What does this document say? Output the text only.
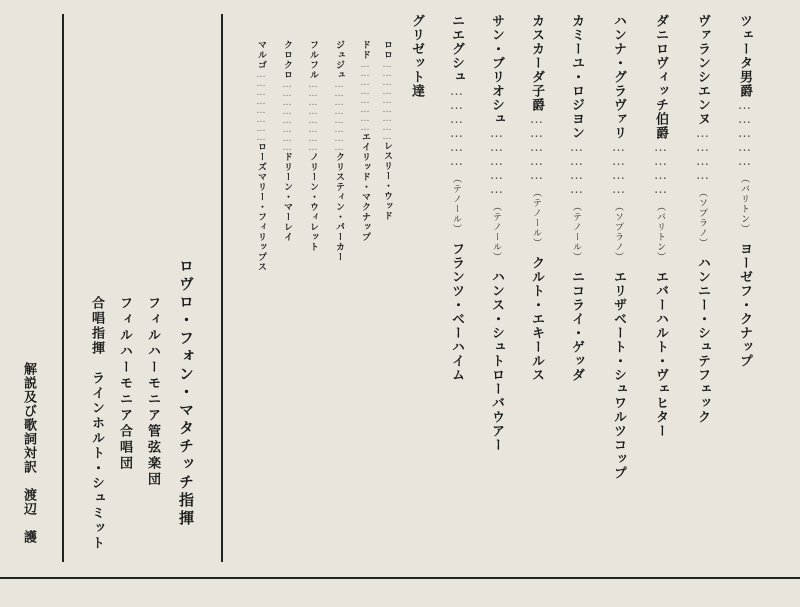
ツェータ男爵……………（バリトン）ヨーゼフ・クナップ
ヴァランシエンヌ…………（ソプラノ）ハンニー・シュテフェック
ダニロヴィッチ伯爵…………（バリトン）エバーハルト・ヴェヒター
ハンナ・グラヴァリ…………（ソプラノ）エリザベート・シュワルツコップ
カミーユ・ロジヨン…………（テノール）ニコライ・ゲッダ
カスカーダ子爵……………（テノール）クルト・エキールス
サン・ブリオシュ……………（テノール）ハンス・シュトローバウアー
ニエグシュ………………（テノール）フランツ・ベーハイム
グリゼット達
ロロ………………………レスリー・ウッド
ドド……………………エイリッド・マクナップ
ジュジュ……………………クリスティン・パーカー
フルフル……………………ノリーン・ウィレット
クロクロ……………………ドリーン・マーレイ
マルゴ……………………ローズマリー・フィリップス
ロヴロ・フォン・マタチッチ指揮
フィルハーモニア管弦楽団
フィルハーモニア合唱団
合唱指揮　ラインホルト・シュミット
解説及び歌詞対訳　渡辺　護
